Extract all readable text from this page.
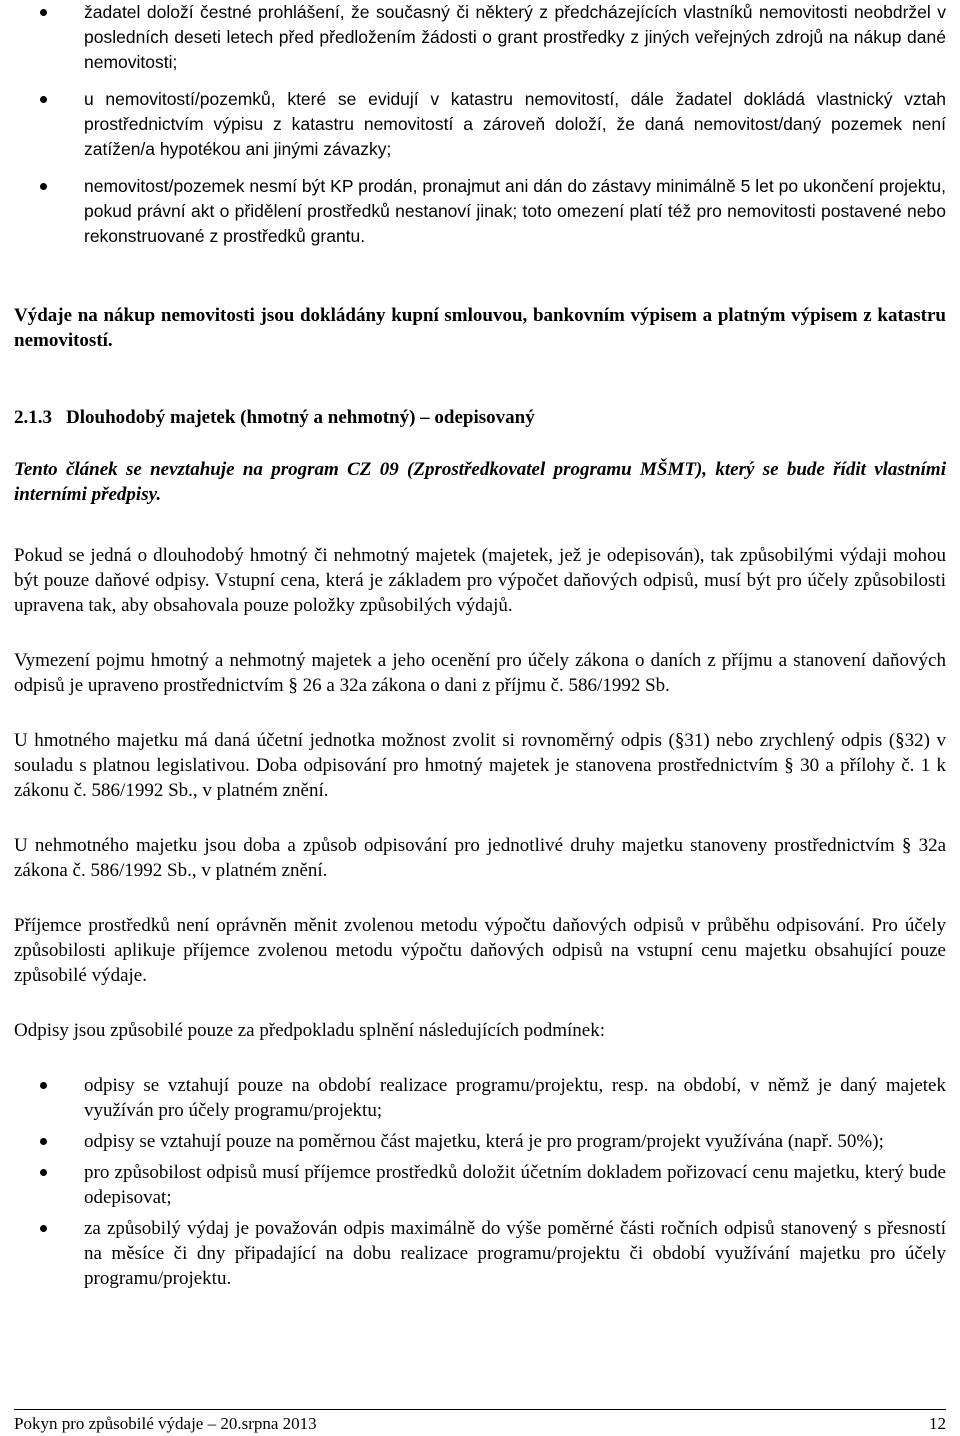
žadatel doloží čestné prohlášení, že současný či některý z předcházejících vlastníků nemovitosti neobdržel v posledních deseti letech před předložením žádosti o grant prostředky z jiných veřejných zdrojů na nákup dané nemovitosti;
u nemovitostí/pozemků, které se evidují v katastru nemovitostí, dále žadatel dokládá vlastnický vztah prostřednictvím výpisu z katastru nemovitostí a zároveň doloží, že daná nemovitost/daný pozemek není zatížen/a hypotékou ani jinými závazky;
nemovitost/pozemek nesmí být KP prodán, pronajmut ani dán do zástavy minimálně 5 let po ukončení projektu, pokud právní akt o přidělení prostředků nestanoví jinak; toto omezení platí též pro nemovitosti postavené nebo rekonstruované z prostředků grantu.

Výdaje na nákup nemovitosti jsou dokládány kupní smlouvou, bankovním výpisem a platným výpisem z katastru nemovitostí.

2.1.3 Dlouhodobý majetek (hmotný a nehmotný) – odepisovaný

Tento článek se nevztahuje na program CZ 09 (Zprostředkovatel programu MŠMT), který se bude řídit vlastními interními předpisy.

Pokud se jedná o dlouhodobý hmotný či nehmotný majetek (majetek, jež je odepisován), tak způsobilými výdaji mohou být pouze daňové odpisy. Vstupní cena, která je základem pro výpočet daňových odpisů, musí být pro účely způsobilosti upravena tak, aby obsahovala pouze položky způsobilých výdajů.

Vymezení pojmu hmotný a nehmotný majetek a jeho ocenění pro účely zákona o daních z příjmu a stanovení daňových odpisů je upraveno prostřednictvím § 26 a 32a zákona o dani z příjmu č. 586/1992 Sb.

U hmotného majetku má daná účetní jednotka možnost zvolit si rovnoměrný odpis (§31) nebo zrychlený odpis (§32) v souladu s platnou legislativou. Doba odpisování pro hmotný majetek je stanovena prostřednictvím § 30 a přílohy č. 1 k zákonu č. 586/1992 Sb., v platném znění.

U nehmotného majetku jsou doba a způsob odpisování pro jednotlivé druhy majetku stanoveny prostřednictvím § 32a zákona č. 586/1992 Sb., v platném znění.

Příjemce prostředků není oprávněn měnit zvolenou metodu výpočtu daňových odpisů v průběhu odpisování. Pro účely způsobilosti aplikuje příjemce zvolenou metodu výpočtu daňových odpisů na vstupní cenu majetku obsahující pouze způsobilé výdaje.

Odpisy jsou způsobilé pouze za předpokladu splnění následujících podmínek:

odpisy se vztahují pouze na období realizace programu/projektu, resp. na období, v němž je daný majetek využíván pro účely programu/projektu;
odpisy se vztahují pouze na poměrnou část majetku, která je pro program/projekt využívána (např. 50%);
pro způsobilost odpisů musí příjemce prostředků doložit účetním dokladem pořizovací cenu majetku, který bude odepisovat;
za způsobilý výdaj je považován odpis maximálně do výše poměrné části ročních odpisů stanovený s přesností na měsíce či dny připadající na dobu realizace programu/projektu či období využívání majetku pro účely programu/projektu.
Pokyn pro způsobilé výdaje – 20.srpna 2013	12
